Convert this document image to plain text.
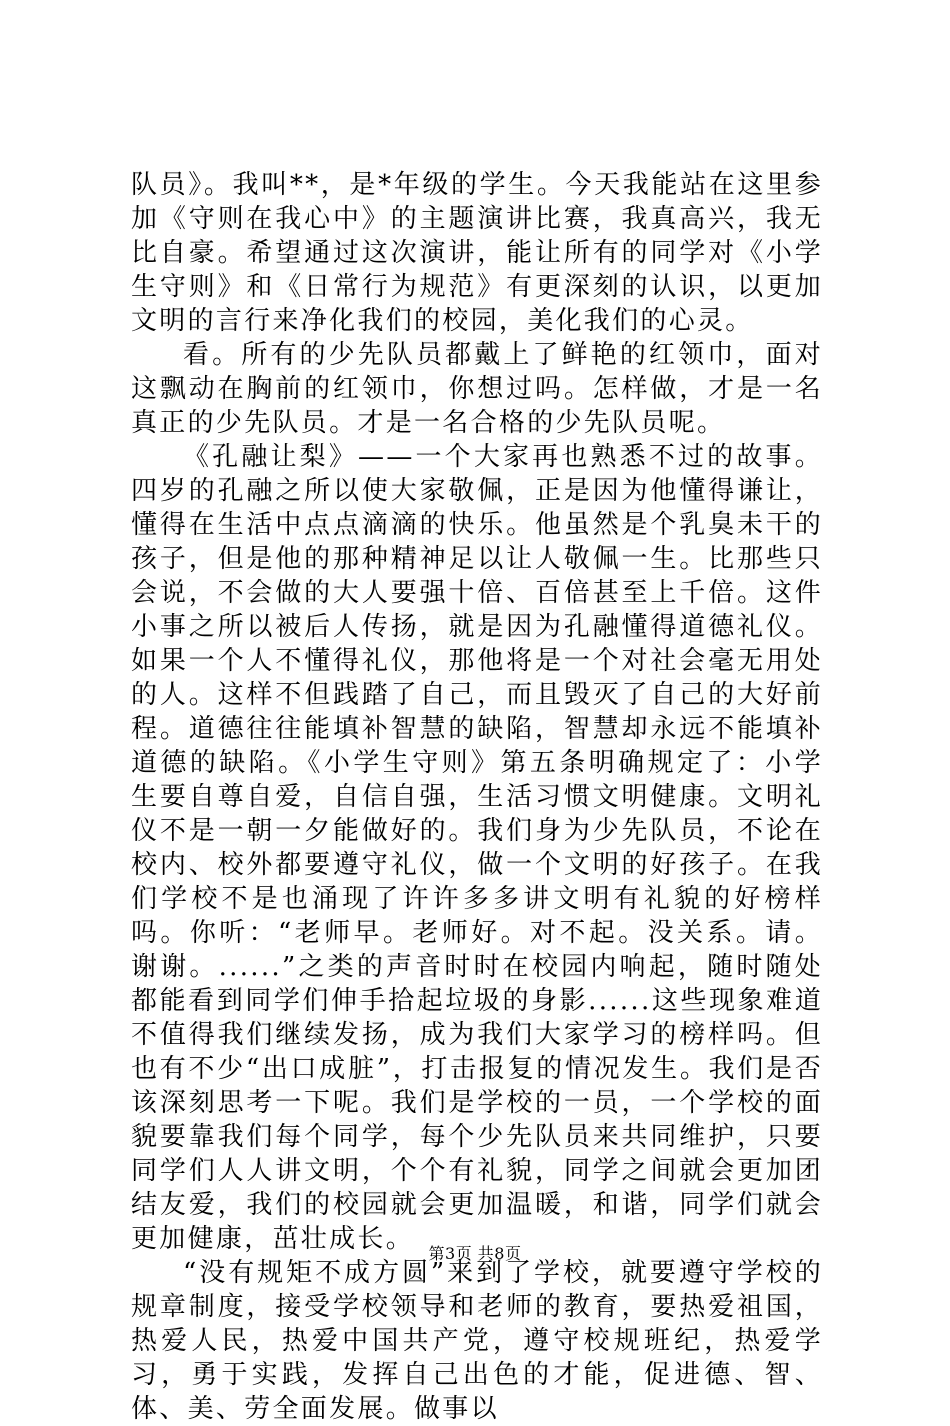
队员》。我叫**，是*年级的学生。今天我能站在这里参加《守则在我心中》的主题演讲比赛，我真高兴，我无比自豪。希望通过这次演讲，能让所有的同学对《小学生守则》和《日常行为规范》有更深刻的认识，以更加文明的言行来净化我们的校园，美化我们的心灵。

看。所有的少先队员都戴上了鲜艳的红领巾，面对这飘动在胸前的红领巾，你想过吗。怎样做，才是一名真正的少先队员。才是一名合格的少先队员呢。

《孔融让梨》——一个大家再也熟悉不过的故事。四岁的孔融之所以使大家敬佩，正是因为他懂得谦让，懂得在生活中点点滴滴的快乐。他虽然是个乳臭未干的孩子，但是他的那种精神足以让人敬佩一生。比那些只会说，不会做的大人要强十倍、百倍甚至上千倍。这件小事之所以被后人传扬，就是因为孔融懂得道德礼仪。如果一个人不懂得礼仪，那他将是一个对社会毫无用处的人。这样不但践踏了自己，而且毁灭了自己的大好前程。道德往往能填补智慧的缺陷，智慧却永远不能填补道德的缺陷。《小学生守则》第五条明确规定了：小学生要自尊自爱，自信自强，生活习惯文明健康。文明礼仪不是一朝一夕能做好的。我们身为少先队员，不论在校内、校外都要遵守礼仪，做一个文明的好孩子。在我们学校不是也涌现了许许多多讲文明有礼貌的好榜样吗。你听：“老师早。老师好。对不起。没关系。请。谢谢。......”之类的声音时时在校园内响起，随时随处都能看到同学们伸手拾起垃圾的身影......这些现象难道不值得我们继续发扬，成为我们大家学习的榜样吗。但也有不少“出口成脏”，打击报复的情况发生。我们是否该深刻思考一下呢。我们是学校的一员，一个学校的面貌要靠我们每个同学，每个少先队员来共同维护，只要同学们人人讲文明，个个有礼貌，同学之间就会更加团结友爱，我们的校园就会更加温暖，和谐，同学们就会更加健康，茁壮成长。

“没有规矩不成方圆”来到了学校，就要遵守学校的规章制度，接受学校领导和老师的教育，要热爱祖国，热爱人民，热爱中国共产党，遵守校规班纪，热爱学习，勇于实践，发挥自己出色的才能，促进德、智、体、美、劳全面发展。做事以

第3页 共8页
